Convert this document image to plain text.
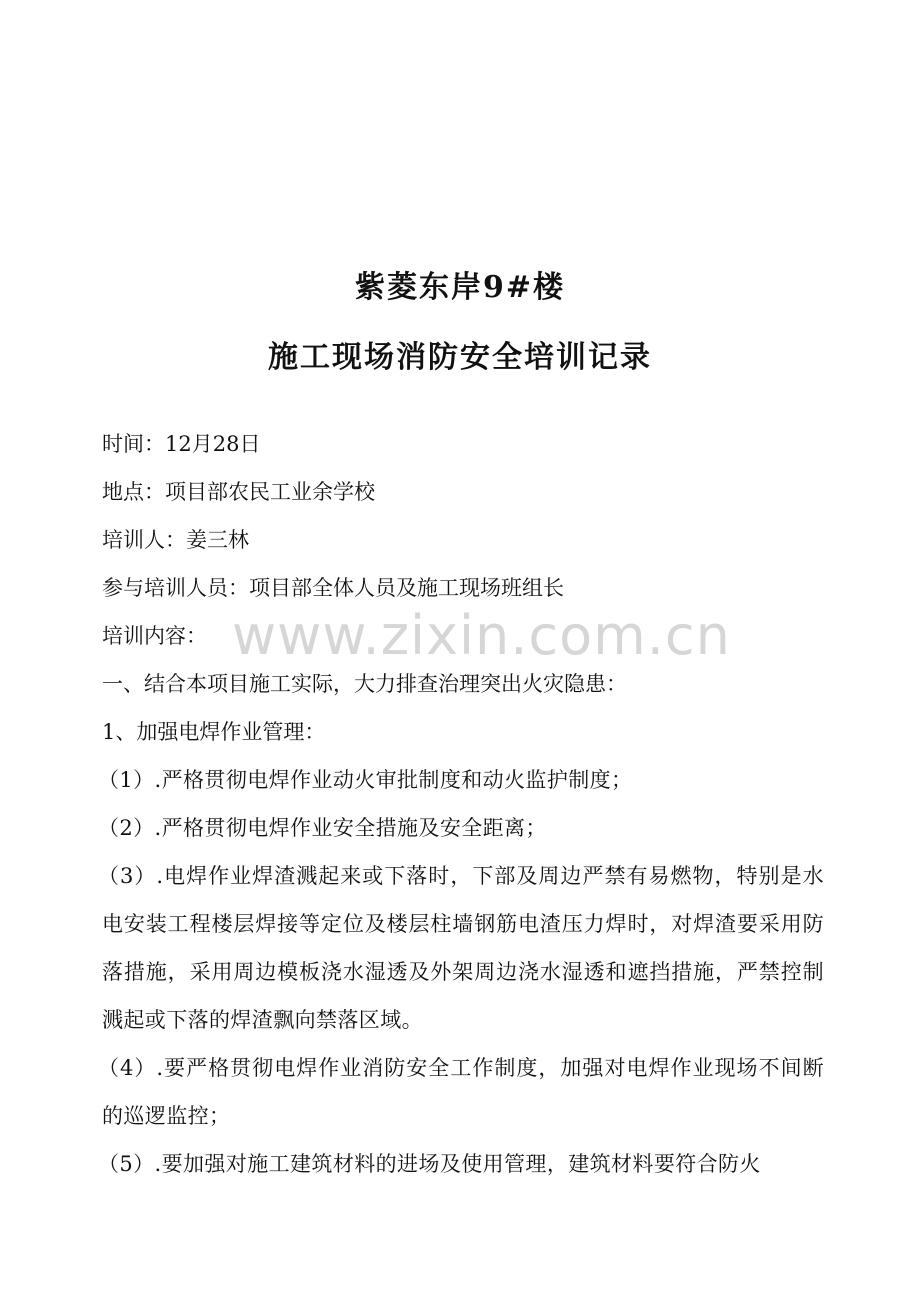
紫菱东岸9#楼
施工现场消防安全培训记录

时间：12月28日

地点：项目部农民工业余学校

培训人：姜三林

参与培训人员：项目部全体人员及施工现场班组长

培训内容：

一、结合本项目施工实际，大力排查治理突出火灾隐患：

1、加强电焊作业管理：

（1）.严格贯彻电焊作业动火审批制度和动火监护制度；

（2）.严格贯彻电焊作业安全措施及安全距离；

（3）.电焊作业焊渣溅起来或下落时，下部及周边严禁有易燃物，特别是水电安装工程楼层焊接等定位及楼层柱墙钢筋电渣压力焊时，对焊渣要采用防落措施，采用周边模板浇水湿透及外架周边浇水湿透和遮挡措施，严禁控制溅起或下落的焊渣飘向禁落区域。

（4）.要严格贯彻电焊作业消防安全工作制度，加强对电焊作业现场不间断的巡逻监控；

（5）.要加强对施工建筑材料的进场及使用管理，建筑材料要符合防火

www.zixin.com.cn
